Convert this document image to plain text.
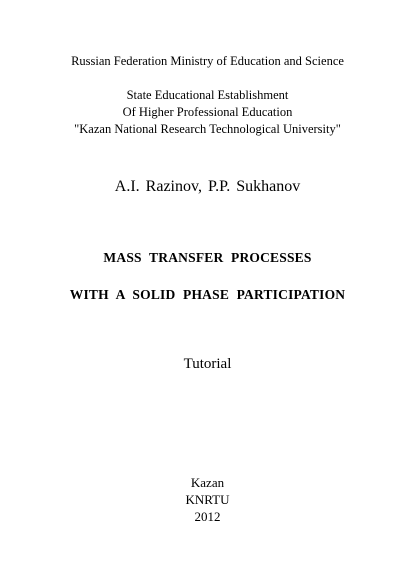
Russian Federation Ministry of Education and Science
State Educational Establishment
Of Higher Professional Education
"Kazan National Research Technological University"
A.I. Razinov, P.P. Sukhanov
MASS TRANSFER PROCESSES
WITH A SOLID PHASE PARTICIPATION
Tutorial
Kazan
KNRTU
2012
